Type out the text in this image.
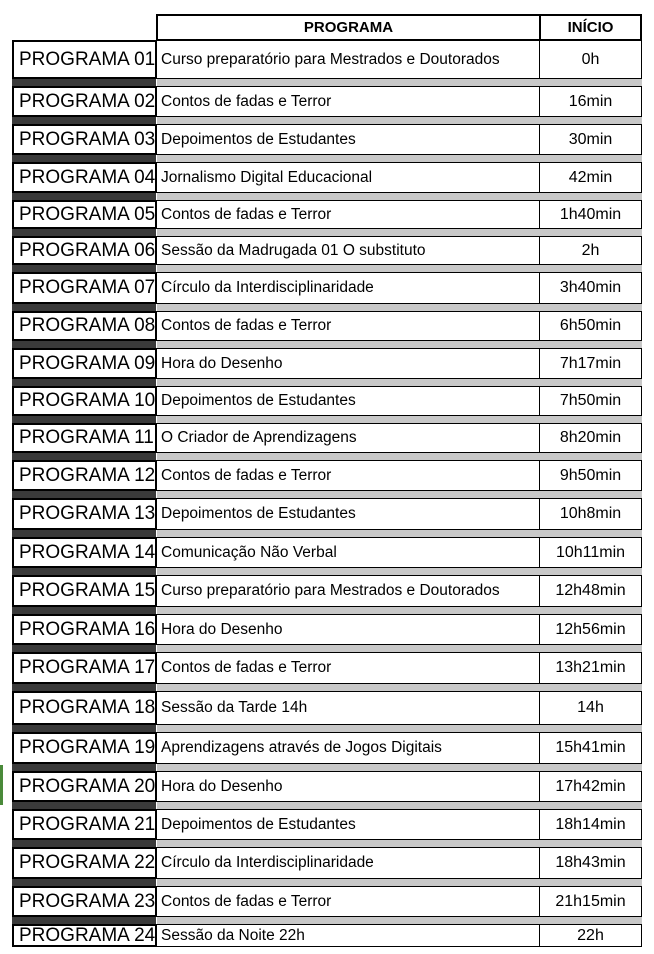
PROGRAMA	INÍCIO
PROGRAMA 01 Curso preparatório para Mestrados e Doutorados	0h
PROGRAMA 02 Contos de fadas e Terror	16min
PROGRAMA 03 Depoimentos de Estudantes	30min
PROGRAMA 04 Jornalismo Digital Educacional	42min
PROGRAMA 05 Contos de fadas e Terror	1h40min
PROGRAMA 06 Sessão da Madrugada 01 O substituto	2h
PROGRAMA 07 Círculo da Interdisciplinaridade	3h40min
PROGRAMA 08 Contos de fadas e Terror	6h50min
PROGRAMA 09 Hora do Desenho	7h17min
PROGRAMA 10 Depoimentos de Estudantes	7h50min
PROGRAMA 11 O Criador de Aprendizagens	8h20min
PROGRAMA 12 Contos de fadas e Terror	9h50min
PROGRAMA 13 Depoimentos de Estudantes	10h8min
PROGRAMA 14 Comunicação Não Verbal	10h11min
PROGRAMA 15 Curso preparatório para Mestrados e Doutorados	12h48min
PROGRAMA 16 Hora do Desenho	12h56min
PROGRAMA 17 Contos de fadas e Terror	13h21min
PROGRAMA 18 Sessão da Tarde 14h	14h
PROGRAMA 19 Aprendizagens através de Jogos Digitais	15h41min
PROGRAMA 20 Hora do Desenho	17h42min
PROGRAMA 21 Depoimentos de Estudantes	18h14min
PROGRAMA 22 Círculo da Interdisciplinaridade	18h43min
PROGRAMA 23 Contos de fadas e Terror	21h15min
PROGRAMA 24 Sessão da Noite 22h	22h
